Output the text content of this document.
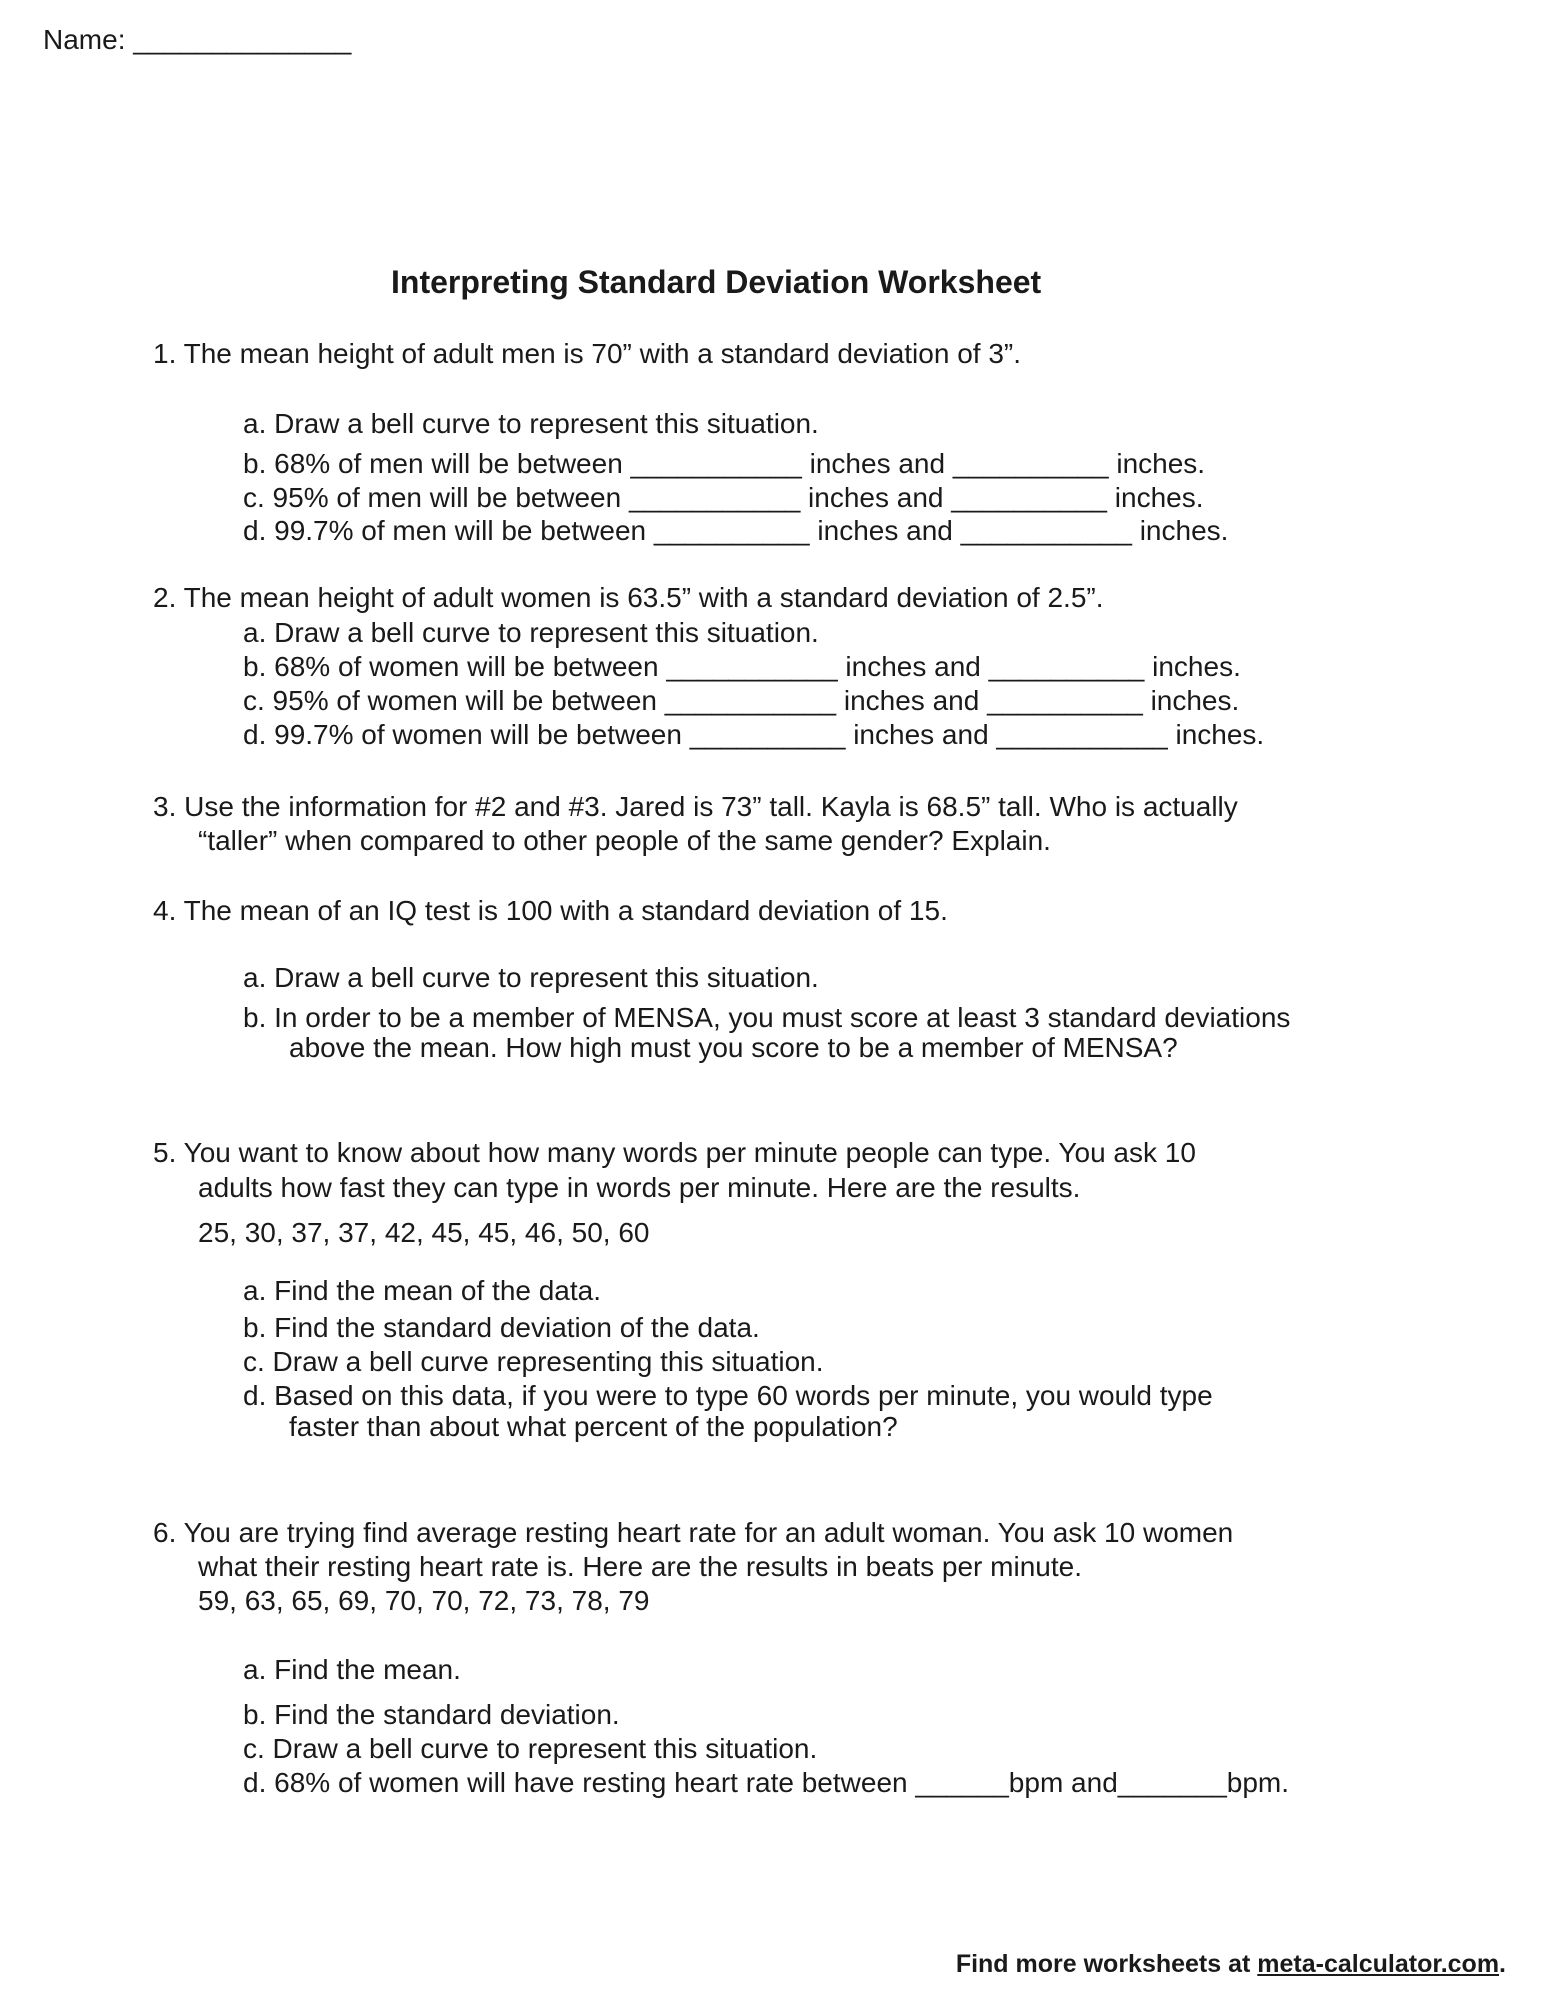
Name: ______________
Interpreting Standard Deviation Worksheet
1. The mean height of adult men is 70” with a standard deviation of 3”.
a. Draw a bell curve to represent this situation.
b. 68% of men will be between ___________ inches and __________ inches.
c. 95% of men will be between ___________ inches and __________ inches.
d. 99.7% of men will be between __________ inches and ___________ inches.
2. The mean height of adult women is 63.5” with a standard deviation of 2.5”.
a. Draw a bell curve to represent this situation.
b. 68% of women will be between ___________ inches and __________ inches.
c. 95% of women will be between ___________ inches and __________ inches.
d. 99.7% of women will be between __________ inches and ___________ inches.
3. Use the information for #2 and #3. Jared is 73” tall. Kayla is 68.5” tall. Who is actually
“taller” when compared to other people of the same gender? Explain.
4. The mean of an IQ test is 100 with a standard deviation of 15.
a. Draw a bell curve to represent this situation.
b. In order to be a member of MENSA, you must score at least 3 standard deviations
above the mean. How high must you score to be a member of MENSA?
5. You want to know about how many words per minute people can type. You ask 10
adults how fast they can type in words per minute. Here are the results.
25, 30, 37, 37, 42, 45, 45, 46, 50, 60
a. Find the mean of the data.
b. Find the standard deviation of the data.
c. Draw a bell curve representing this situation.
d. Based on this data, if you were to type 60 words per minute, you would type
faster than about what percent of the population?
6. You are trying find average resting heart rate for an adult woman. You ask 10 women
what their resting heart rate is. Here are the results in beats per minute.
59, 63, 65, 69, 70, 70, 72, 73, 78, 79
a. Find the mean.
b. Find the standard deviation.
c. Draw a bell curve to represent this situation.
d. 68% of women will have resting heart rate between ______bpm and_______bpm.

Find more worksheets at meta-calculator.com.
